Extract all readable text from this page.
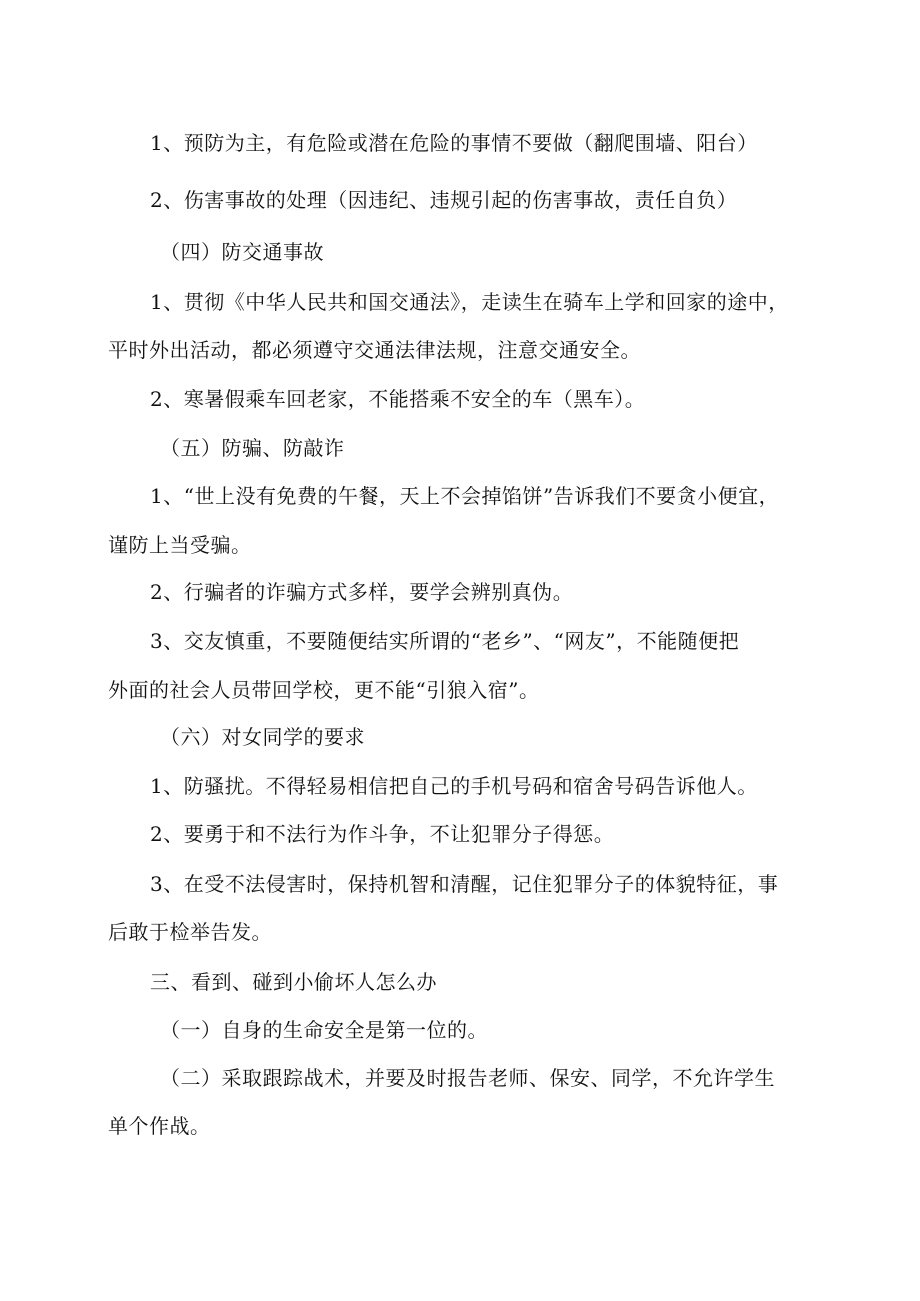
1、预防为主，有危险或潜在危险的事情不要做（翻爬围墙、阳台）
2、伤害事故的处理（因违纪、违规引起的伤害事故，责任自负）
（四）防交通事故
1、贯彻《中华人民共和国交通法》，走读生在骑车上学和回家的途中，
平时外出活动，都必须遵守交通法律法规，注意交通安全。
2、寒暑假乘车回老家，不能搭乘不安全的车（黑车）。
（五）防骗、防敲诈
1、“世上没有免费的午餐，天上不会掉馅饼”告诉我们不要贪小便宜，
谨防上当受骗。
2、行骗者的诈骗方式多样，要学会辨别真伪。
3、交友慎重，不要随便结实所谓的“老乡”、“网友”，不能随便把
外面的社会人员带回学校，更不能“引狼入宿”。
（六）对女同学的要求
1、防骚扰。不得轻易相信把自己的手机号码和宿舍号码告诉他人。
2、要勇于和不法行为作斗争，不让犯罪分子得惩。
3、在受不法侵害时，保持机智和清醒，记住犯罪分子的体貌特征，事
后敢于检举告发。
三、看到、碰到小偷坏人怎么办
（一）自身的生命安全是第一位的。
（二）采取跟踪战术，并要及时报告老师、保安、同学，不允许学生
单个作战。
